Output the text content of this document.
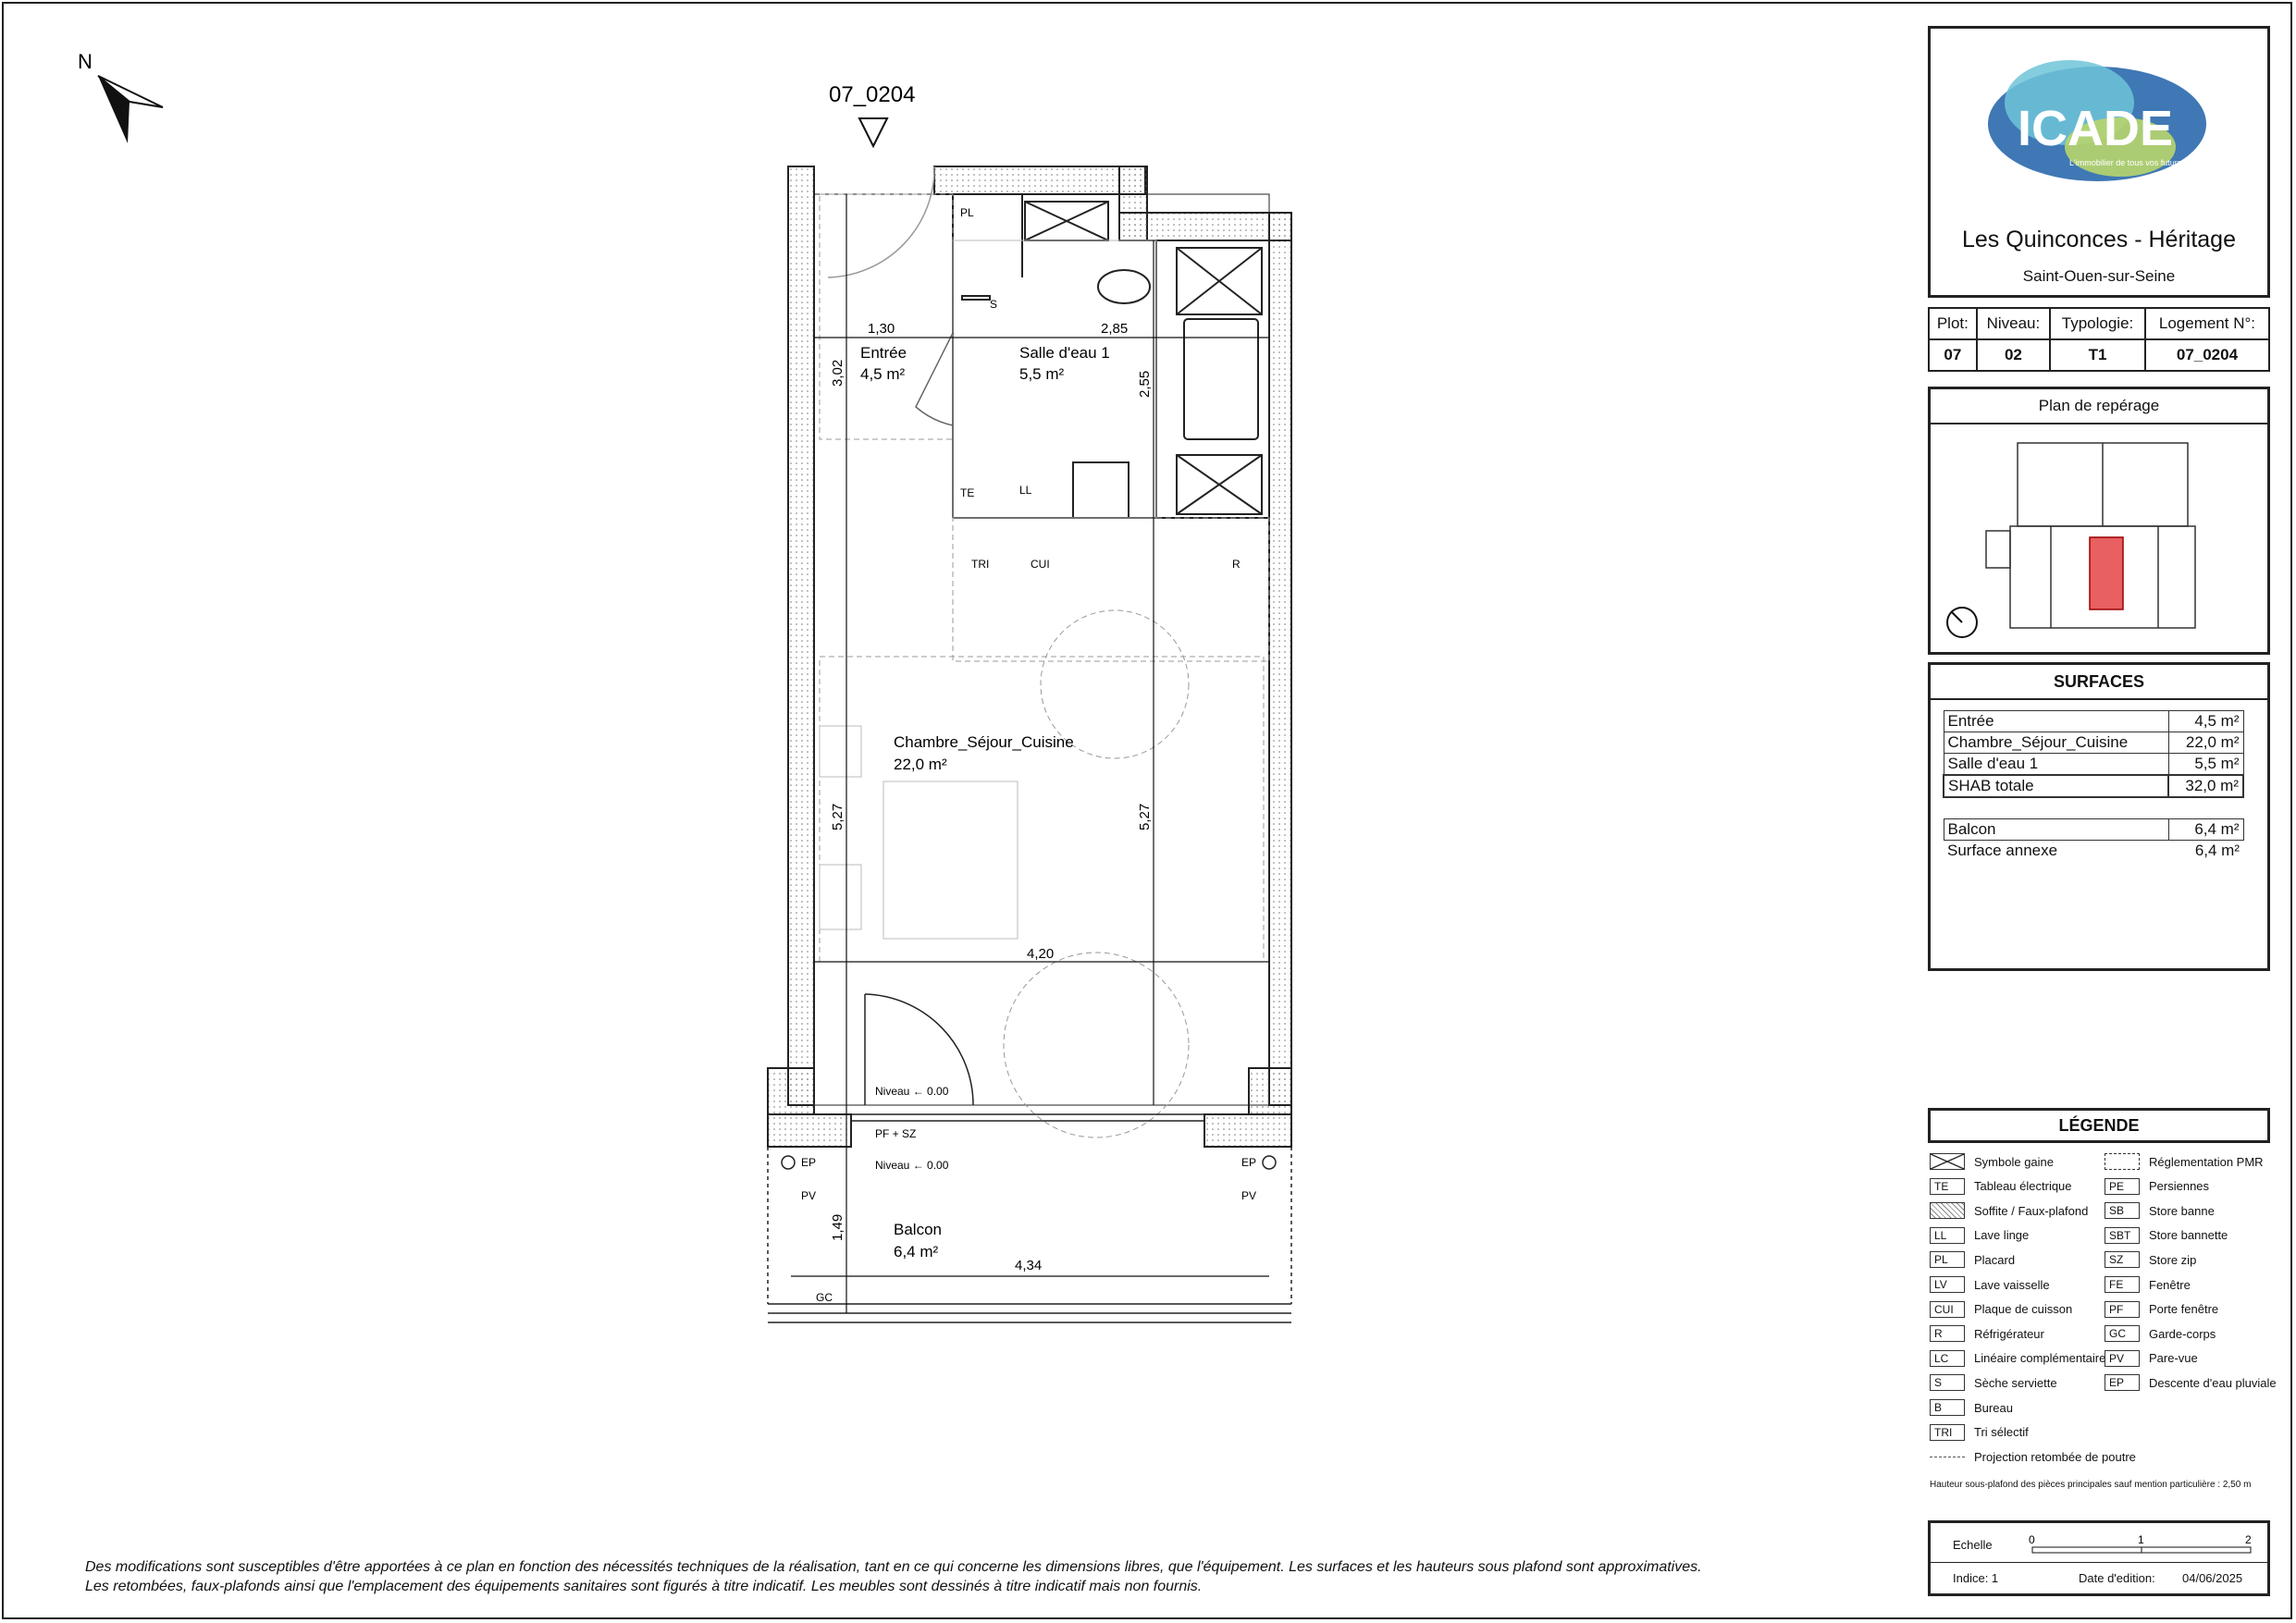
N
07_0204
Entrée
4,5 m²
Salle d'eau 1
5,5 m²
Chambre_Séjour_Cuisine
22,0 m²
Balcon
6,4 m²
1,30	2,85
3,02	2,55
5,27	5,27
4,20
1,49
4,34
PL
S
TE	LL
TRI	CUI	R
PF + SZ
EP	EP
PV	PV
GC
Niveau ← 0.00
Niveau ← 0.00
ICADE
L'immobilier de tous vos futurs
Les Quinconces - Héritage
Saint-Ouen-sur-Seine
Plot:	Niveau:	Typologie:	Logement N°:
07	02	T1	07_0204
Plan de repérage
SURFACES
Entrée	4,5 m²
Chambre_Séjour_Cuisine	22,0 m²
Salle d'eau 1	5,5 m²
SHAB totale	32,0 m²

Balcon	6,4 m²
Surface annexe	6,4 m²
LÉGENDE
Symbole gaine
TE	Tableau électrique
Soffite / Faux-plafond
LL	Lave linge
PL	Placard
LV	Lave vaisselle
CUI	Plaque de cuisson
R	Réfrigérateur
LC	Linéaire complémentaire
S	Sèche serviette
B	Bureau
TRI	Tri sélectif
Projection retombée de poutre
Réglementation PMR
PE	Persiennes
SB	Store banne
SBT	Store bannette
SZ	Store zip
FE	Fenêtre
PF	Porte fenêtre
GC	Garde-corps
PV	Pare-vue
EP	Descente d'eau pluviale
Hauteur sous-plafond des pièces principales sauf mention particulière : 2,50 m
Echelle	0	1	2
Indice: 1	Date d'edition: 04/06/2025
Des modifications sont susceptibles d'être apportées à ce plan en fonction des nécessités techniques de la réalisation, tant en ce qui concerne les dimensions libres, que l'équipement. Les surfaces et les hauteurs sous plafond sont approximatives.
Les retombées, faux-plafonds ainsi que l'emplacement des équipements sanitaires sont figurés à titre indicatif. Les meubles sont dessinés à titre indicatif mais non fournis.
